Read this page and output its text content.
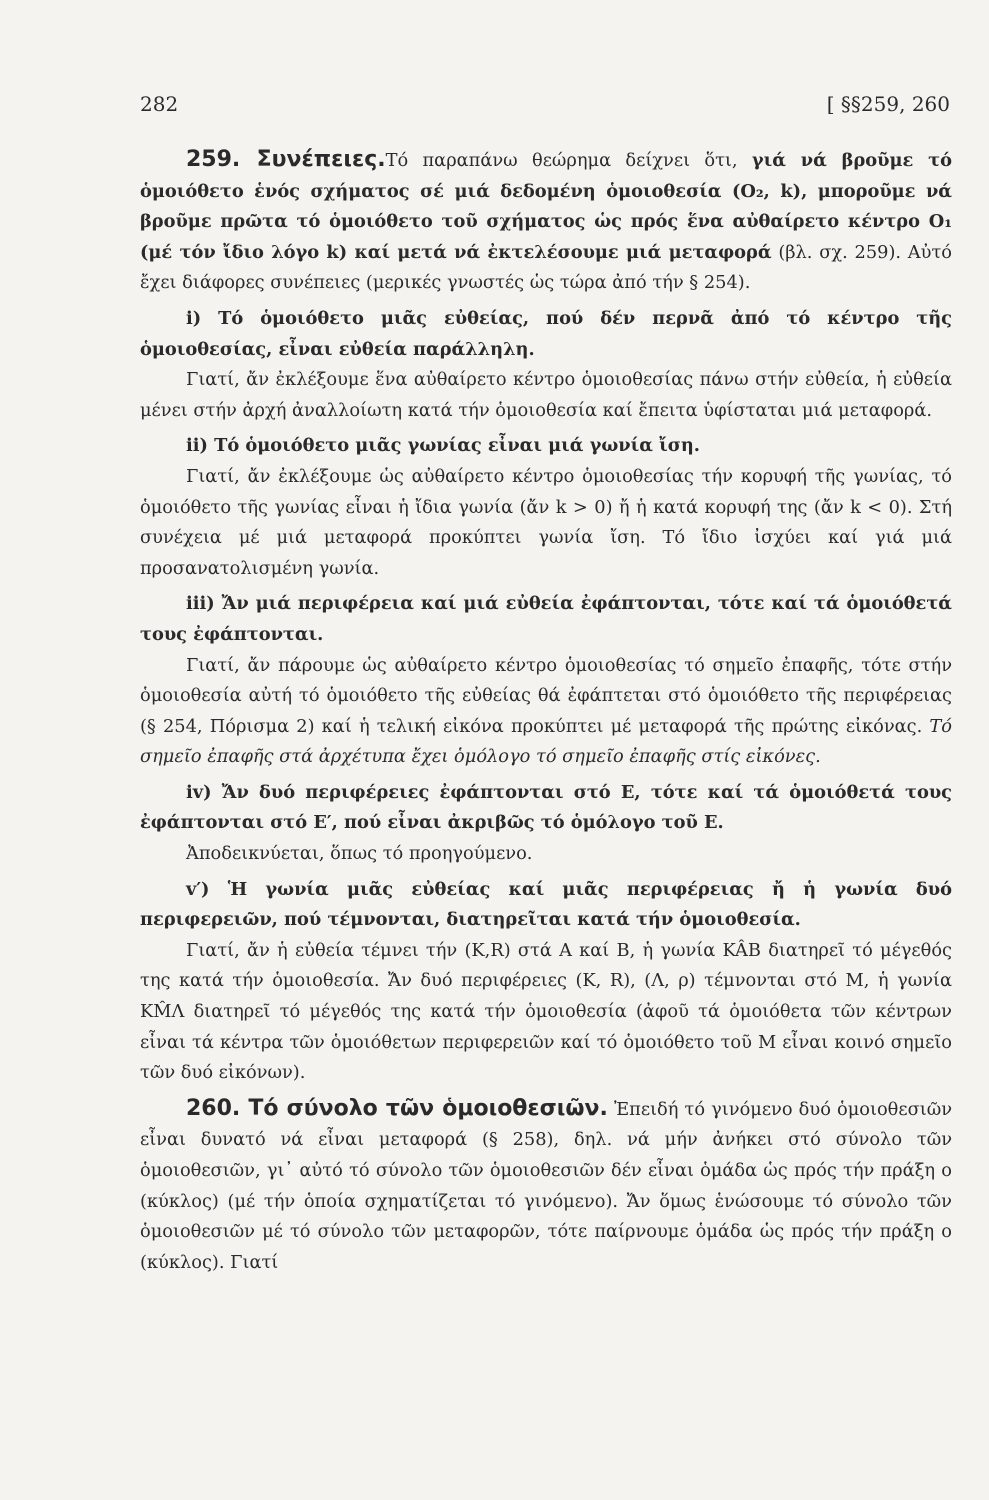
282	[ §§259, 260

259. Συνέπειες.Τό παραπάνω θεώρημα δείχνει ὅτι, γιά νά βροῦμε τό ὁμοιόθετο ἑνός σχήματος σέ μιά δεδομένη ὁμοιοθεσία (O₂, k), μποροῦμε νά βροῦμε πρῶτα τό ὁμοιόθετο τοῦ σχήματος ὡς πρός ἕνα αὐθαίρετο κέντρο O₁ (μέ τόν ἴδιο λόγο k) καί μετά νά ἐκτελέσουμε μιά μεταφορά (βλ. σχ. 259). Αὐτό ἔχει διάφορες συνέπειες (μερικές γνωστές ὡς τώρα ἀπό τήν § 254).

i) Τό ὁμοιόθετο μιᾶς εὐθείας, πού δέν περνᾶ ἀπό τό κέντρο τῆς ὁμοιοθεσίας, εἶναι εὐθεία παράλληλη.

Γιατί, ἄν ἐκλέξουμε ἕνα αὐθαίρετο κέντρο ὁμοιοθεσίας πάνω στήν εὐθεία, ἡ εὐθεία μένει στήν ἀρχή ἀναλλοίωτη κατά τήν ὁμοιοθεσία καί ἔπειτα ὑφίσταται μιά μεταφορά.

ii) Τό ὁμοιόθετο μιᾶς γωνίας εἶναι μιά γωνία ἴση.

Γιατί, ἄν ἐκλέξουμε ὡς αὐθαίρετο κέντρο ὁμοιοθεσίας τήν κορυφή τῆς γωνίας, τό ὁμοιόθετο τῆς γωνίας εἶναι ἡ ἴδια γωνία (ἄν k > 0) ἤ ἡ κατά κορυφή της (ἄν k < 0). Στή συνέχεια μέ μιά μεταφορά προκύπτει γωνία ἴση. Τό ἴδιο ἰσχύει καί γιά μιά προσανατολισμένη γωνία.

iii) Ἄν μιά περιφέρεια καί μιά εὐθεία ἐφάπτονται, τότε καί τά ὁμοιόθετά τους ἐφάπτονται.

Γιατί, ἄν πάρουμε ὡς αὐθαίρετο κέντρο ὁμοιοθεσίας τό σημεῖο ἐπαφῆς, τότε στήν ὁμοιοθεσία αὐτή τό ὁμοιόθετο τῆς εὐθείας θά ἐφάπτεται στό ὁμοιόθετο τῆς περιφέρειας (§ 254, Πόρισμα 2) καί ἡ τελική εἰκόνα προκύπτει μέ μεταφορά τῆς πρώτης εἰκόνας. Τό σημεῖο ἐπαφῆς στά ἀρχέτυπα ἔχει ὁμόλογο τό σημεῖο ἐπαφῆς στίς εἰκόνες.

iv) Ἄν δυό περιφέρειες ἐφάπτονται στό E, τότε καί τά ὁμοιόθετά τους ἐφάπτονται στό E′, πού εἶναι ἀκριβῶς τό ὁμόλογο τοῦ E.

Ἀποδεικνύεται, ὅπως τό προηγούμενο.

v′) Ἡ γωνία μιᾶς εὐθείας καί μιᾶς περιφέρειας ἤ ἡ γωνία δυό περιφερειῶν, πού τέμνονται, διατηρεῖται κατά τήν ὁμοιοθεσία.

Γιατί, ἄν ἡ εὐθεία τέμνει τήν (K,R) στά A καί B, ἡ γωνία KÂB διατηρεῖ τό μέγεθός της κατά τήν ὁμοιοθεσία. Ἄν δυό περιφέρειες (K, R), (Λ, ρ) τέμνονται στό M, ἡ γωνία KM̂Λ διατηρεῖ τό μέγεθός της κατά τήν ὁμοιοθεσία (ἀφοῦ τά ὁμοιόθετα τῶν κέντρων εἶναι τά κέντρα τῶν ὁμοιόθετων περιφερειῶν καί τό ὁμοιόθετο τοῦ M εἶναι κοινό σημεῖο τῶν δυό εἰκόνων).

260. Τό σύνολο τῶν ὁμοιοθεσιῶν. Ἐπειδή τό γινόμενο δυό ὁμοιοθεσιῶν εἶναι δυνατό νά εἶναι μεταφορά (§ 258), δηλ. νά μήν ἀνήκει στό σύνολο τῶν ὁμοιοθεσιῶν, γι᾽ αὐτό τό σύνολο τῶν ὁμοιοθεσιῶν δέν εἶναι ὁμάδα ὡς πρός τήν πράξη ο (κύκλος) (μέ τήν ὁποία σχηματίζεται τό γινόμενο). Ἄν ὅμως ἑνώσουμε τό σύνολο τῶν ὁμοιοθεσιῶν μέ τό σύνολο τῶν μεταφορῶν, τότε παίρνουμε ὁμάδα ὡς πρός τήν πράξη ο (κύκλος). Γιατί
